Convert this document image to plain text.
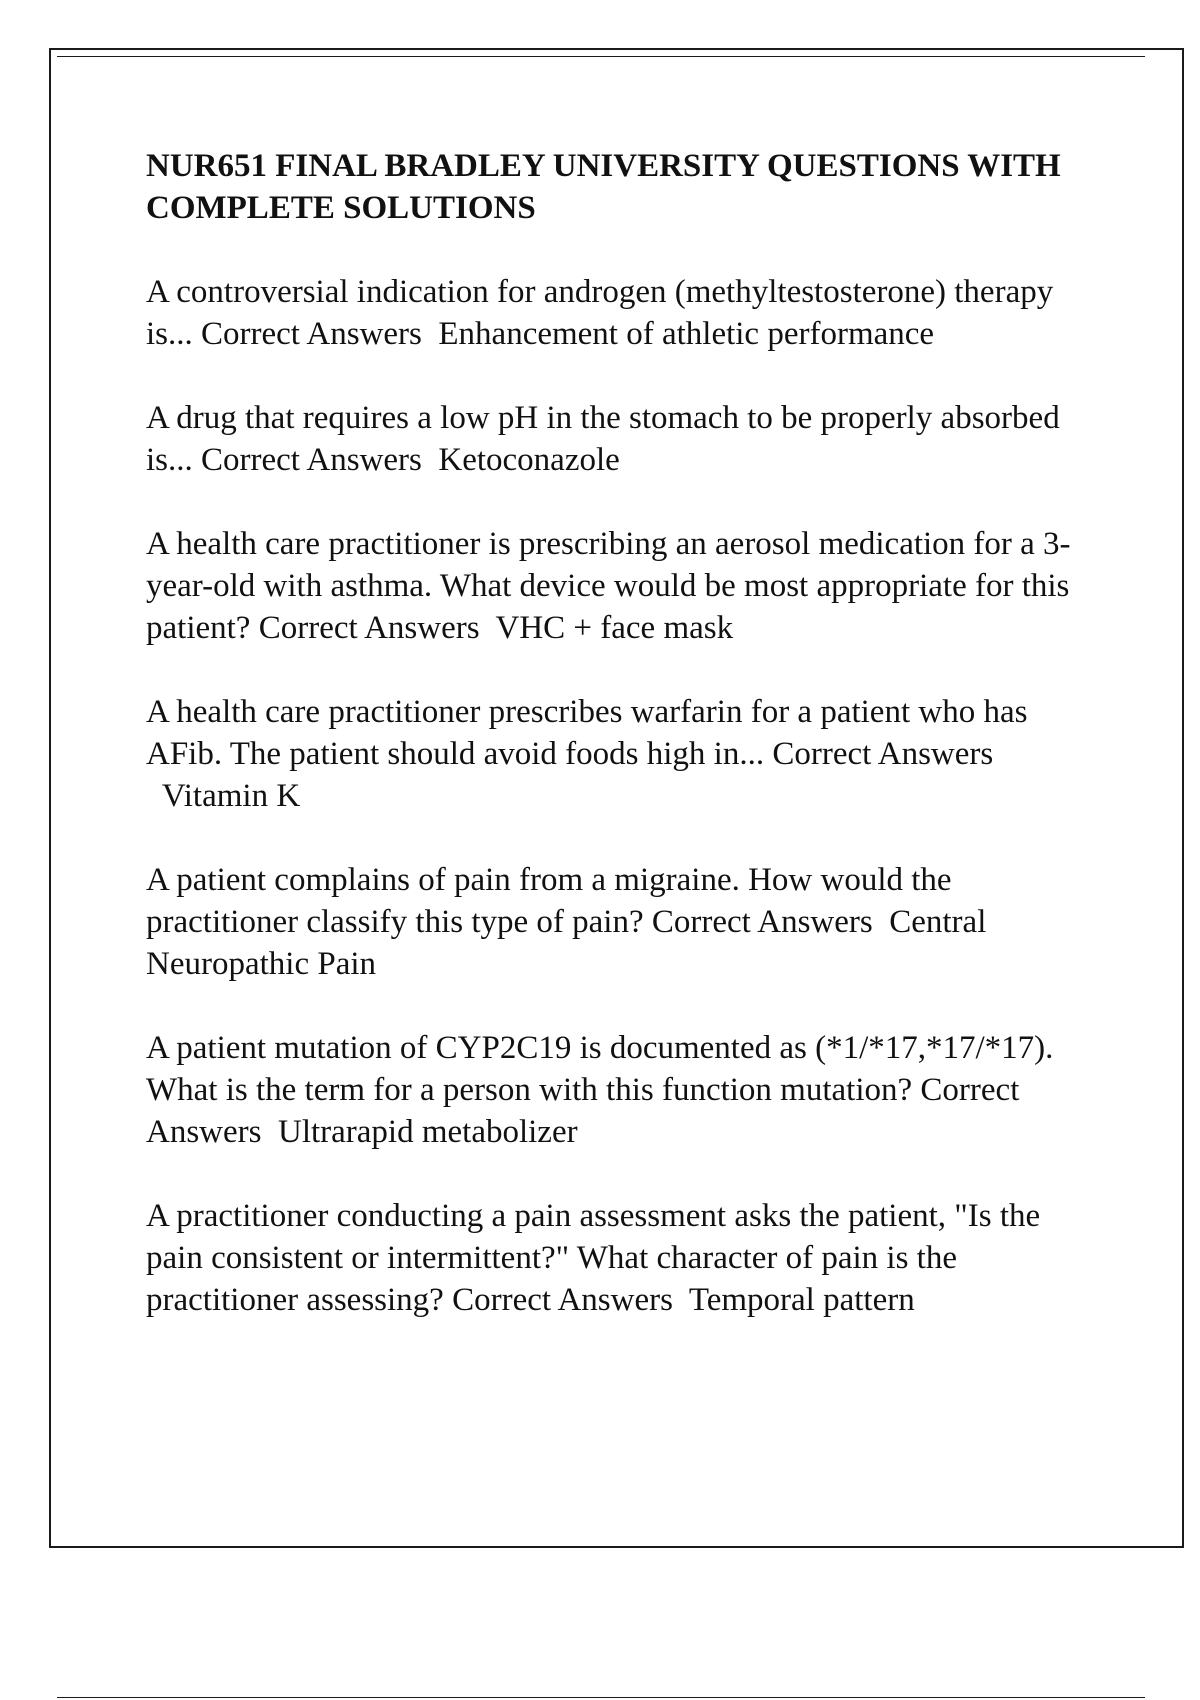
NUR651 FINAL BRADLEY UNIVERSITY QUESTIONS WITH COMPLETE SOLUTIONS

A controversial indication for androgen (methyltestosterone) therapy is... Correct Answers Enhancement of athletic performance

A drug that requires a low pH in the stomach to be properly absorbed is... Correct Answers Ketoconazole

A health care practitioner is prescribing an aerosol medication for a 3-year-old with asthma. What device would be most appropriate for this patient? Correct Answers VHC + face mask

A health care practitioner prescribes warfarin for a patient who has AFib. The patient should avoid foods high in... Correct Answers  Vitamin K

A patient complains of pain from a migraine. How would the practitioner classify this type of pain? Correct Answers Central Neuropathic Pain

A patient mutation of CYP2C19 is documented as (*1/*17,*17/*17). What is the term for a person with this function mutation? Correct Answers Ultrarapid metabolizer

A practitioner conducting a pain assessment asks the patient, "Is the pain consistent or intermittent?" What character of pain is the practitioner assessing? Correct Answers Temporal pattern
